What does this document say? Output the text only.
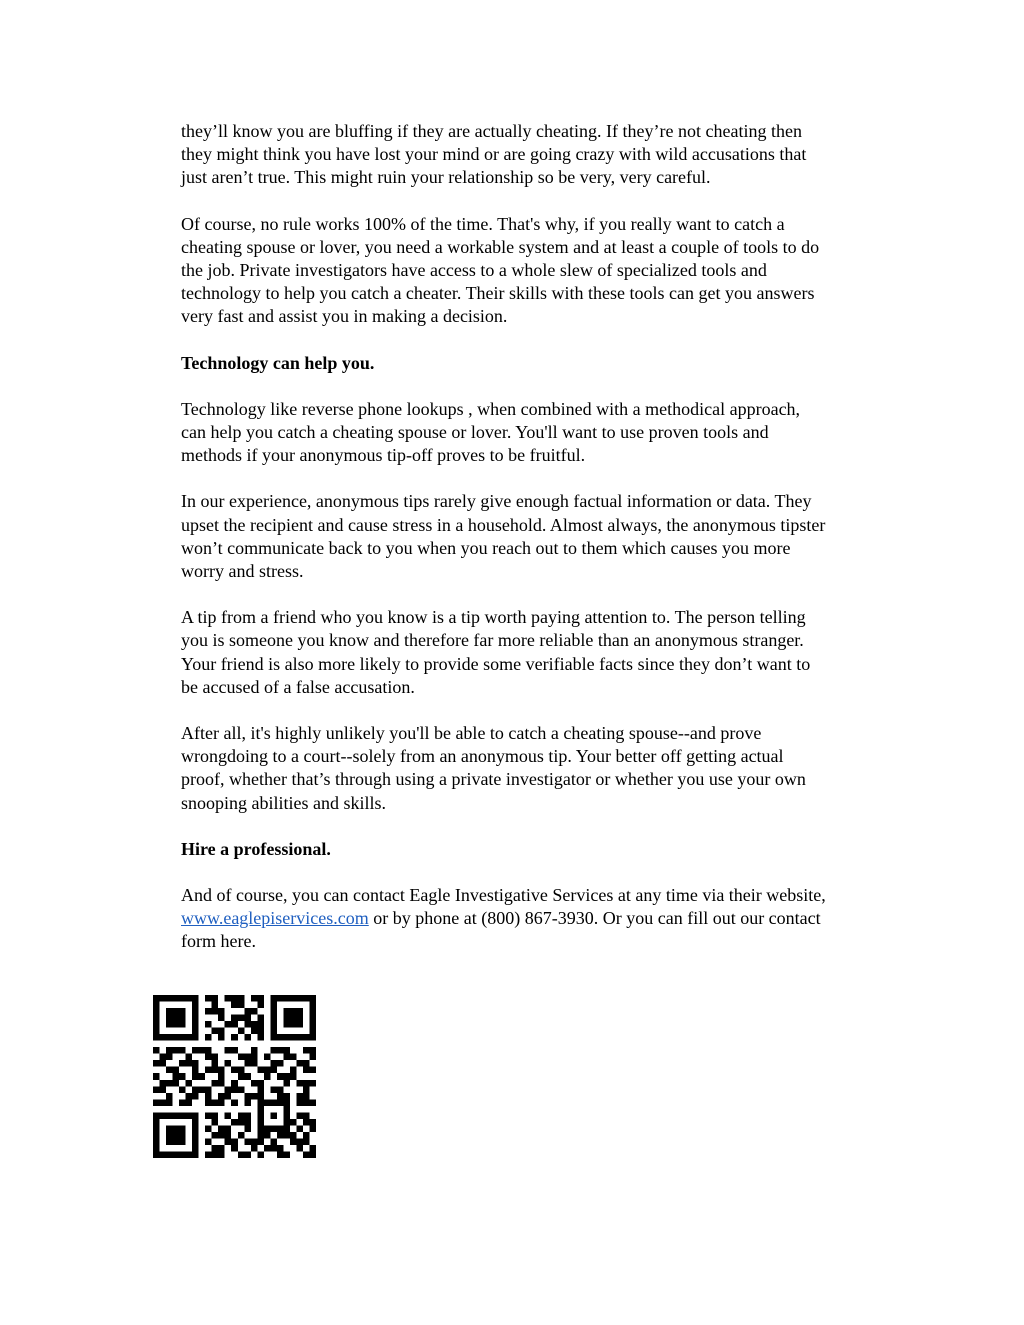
they’ll know you are bluffing if they are actually cheating. If they’re not cheating then
they might think you have lost your mind or are going crazy with wild accusations that
just aren’t true. This might ruin your relationship so be very, very careful.

Of course, no rule works 100% of the time. That's why, if you really want to catch a
cheating spouse or lover, you need a workable system and at least a couple of tools to do
the job. Private investigators have access to a whole slew of specialized tools and
technology to help you catch a cheater. Their skills with these tools can get you answers
very fast and assist you in making a decision.

Technology can help you.

Technology like reverse phone lookups , when combined with a methodical approach,
can help you catch a cheating spouse or lover. You'll want to use proven tools and
methods if your anonymous tip-off proves to be fruitful.

In our experience, anonymous tips rarely give enough factual information or data. They
upset the recipient and cause stress in a household. Almost always, the anonymous tipster
won’t communicate back to you when you reach out to them which causes you more
worry and stress.

A tip from a friend who you know is a tip worth paying attention to. The person telling
you is someone you know and therefore far more reliable than an anonymous stranger.
Your friend is also more likely to provide some verifiable facts since they don’t want to
be accused of a false accusation.

After all, it's highly unlikely you'll be able to catch a cheating spouse--and prove
wrongdoing to a court--solely from an anonymous tip. Your better off getting actual
proof, whether that’s through using a private investigator or whether you use your own
snooping abilities and skills.

Hire a professional.

And of course, you can contact Eagle Investigative Services at any time via their website,
www.eaglepiservices.com or by phone at (800) 867-3930. Or you can fill out our contact
form here.
